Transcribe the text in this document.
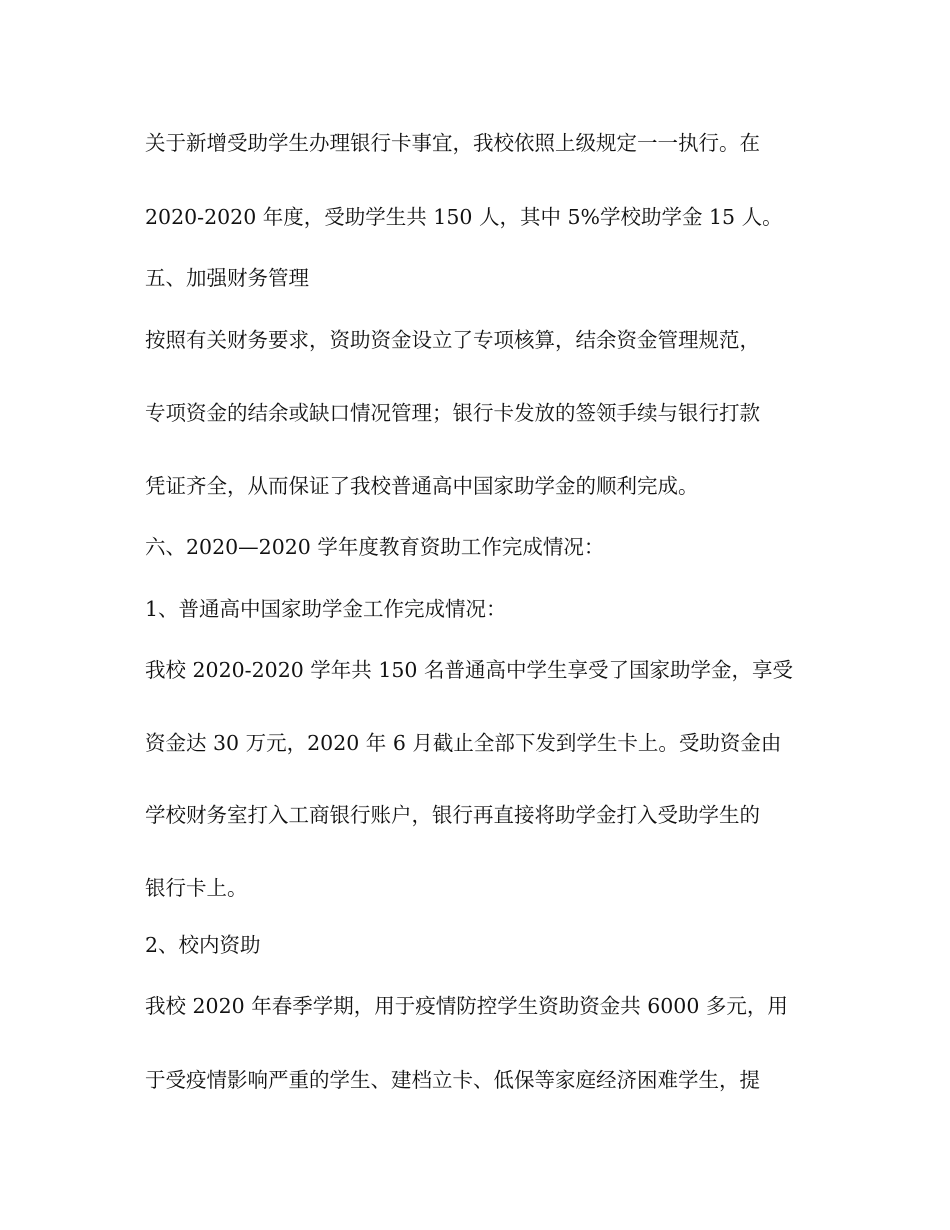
关于新增受助学生办理银行卡事宜，我校依照上级规定一一执行。在
2020-2020 年度，受助学生共 150 人，其中 5%学校助学金 15 人。
五、加强财务管理
按照有关财务要求，资助资金设立了专项核算，结余资金管理规范，
专项资金的结余或缺口情况管理；银行卡发放的签领手续与银行打款
凭证齐全，从而保证了我校普通高中国家助学金的顺利完成。
六、2020—2020 学年度教育资助工作完成情况：
1、普通高中国家助学金工作完成情况：
我校 2020-2020 学年共 150 名普通高中学生享受了国家助学金，享受
资金达 30 万元，2020 年 6 月截止全部下发到学生卡上。受助资金由
学校财务室打入工商银行账户，银行再直接将助学金打入受助学生的
银行卡上。
2、校内资助
我校 2020 年春季学期，用于疫情防控学生资助资金共 6000 多元，用
于受疫情影响严重的学生、建档立卡、低保等家庭经济困难学生，提
